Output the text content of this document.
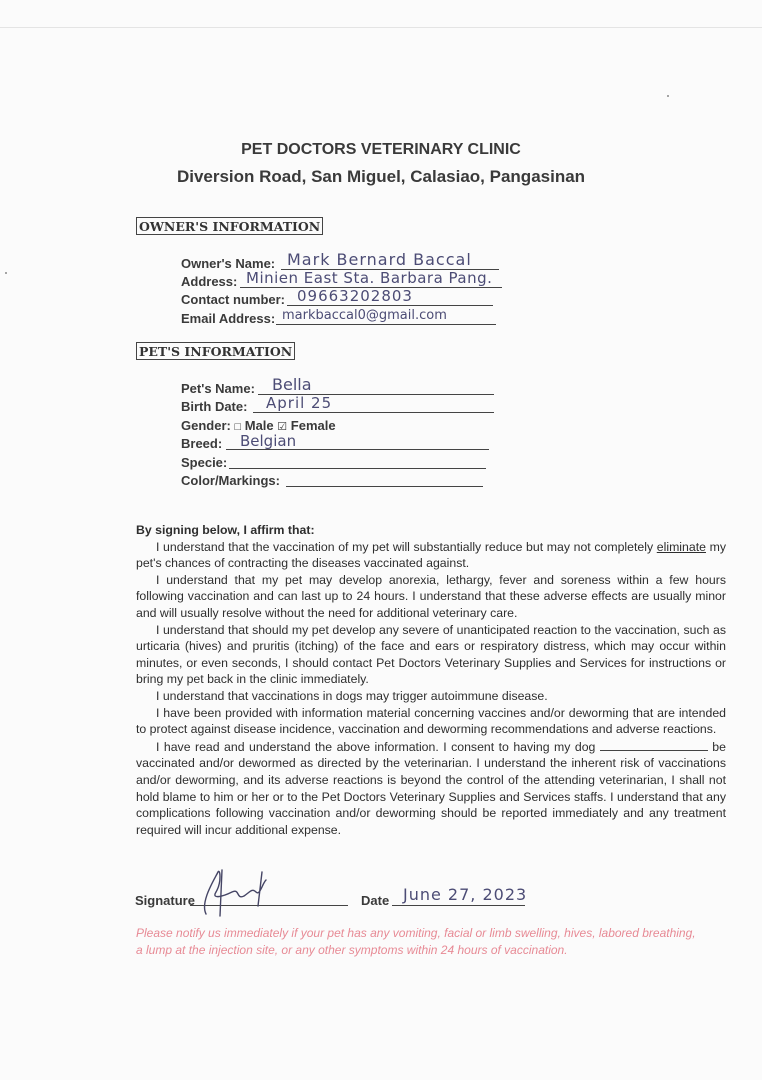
PET DOCTORS VETERINARY CLINIC
Diversion Road, San Miguel, Calasiao, Pangasinan
OWNER'S INFORMATION
Owner's Name: Mark Bernard Baccal
Address: Minien East Sta. Barbara Pang.
Contact number: 09663202803
Email Address: markbaccal0@gmail.com
PET'S INFORMATION
Pet's Name: Bella
Birth Date: April 25
Gender: □ Male ☑ Female
Breed: Belgian
Specie:
Color/Markings:

By signing below, I affirm that:

I understand that the vaccination of my pet will substantially reduce but may not completely eliminate my pet's chances of contracting the diseases vaccinated against.

I understand that my pet may develop anorexia, lethargy, fever and soreness within a few hours following vaccination and can last up to 24 hours. I understand that these adverse effects are usually minor and will usually resolve without the need for additional veterinary care.

I understand that should my pet develop any severe of unanticipated reaction to the vaccination, such as urticaria (hives) and pruritis (itching) of the face and ears or respiratory distress, which may occur within minutes, or even seconds, I should contact Pet Doctors Veterinary Supplies and Services for instructions or bring my pet back in the clinic immediately.

I understand that vaccinations in dogs may trigger autoimmune disease.

I have been provided with information material concerning vaccines and/or deworming that are intended to protect against disease incidence, vaccination and deworming recommendations and adverse reactions.

I have read and understand the above information. I consent to having my dog	be vaccinated and/or dewormed as directed by the veterinarian. I understand the inherent risk of vaccinations and/or deworming, and its adverse reactions is beyond the control of the attending veterinarian, I shall not hold blame to him or her or to the Pet Doctors Veterinary Supplies and Services staffs. I understand that any complications following vaccination and/or deworming should be reported immediately and any treatment required will incur additional expense.

Signature	Date June 27, 2023
Please notify us immediately if your pet has any vomiting, facial or limb swelling, hives, labored breathing, a lump at the injection site, or any other symptoms within 24 hours of vaccination.
